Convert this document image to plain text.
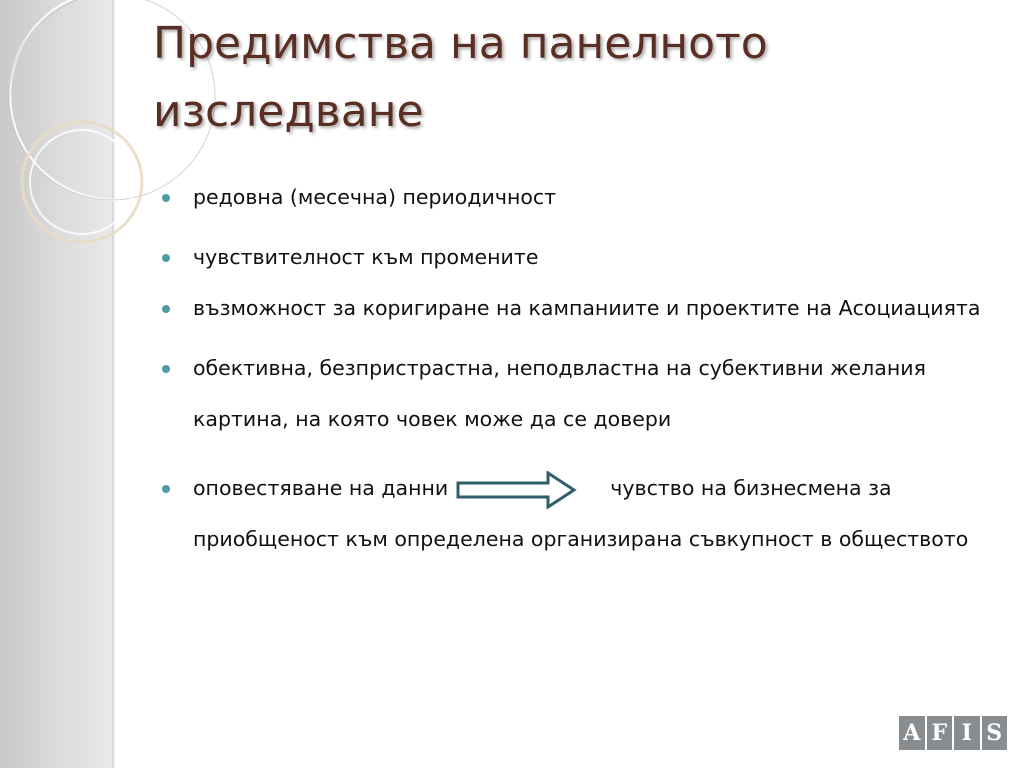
Предимства на панелното изследване
редовна (месечна) периодичност
чувствителност към промените
възможност за коригиране на кампаниите и проектите на Асоциацията
обективна, безпристрастна, неподвластна на субективни желания картина, на която човек може да се довери
оповестяване на данни	чувство на бизнесмена за приобщеност към определена организирана съвкупност в обществото
A F I S
